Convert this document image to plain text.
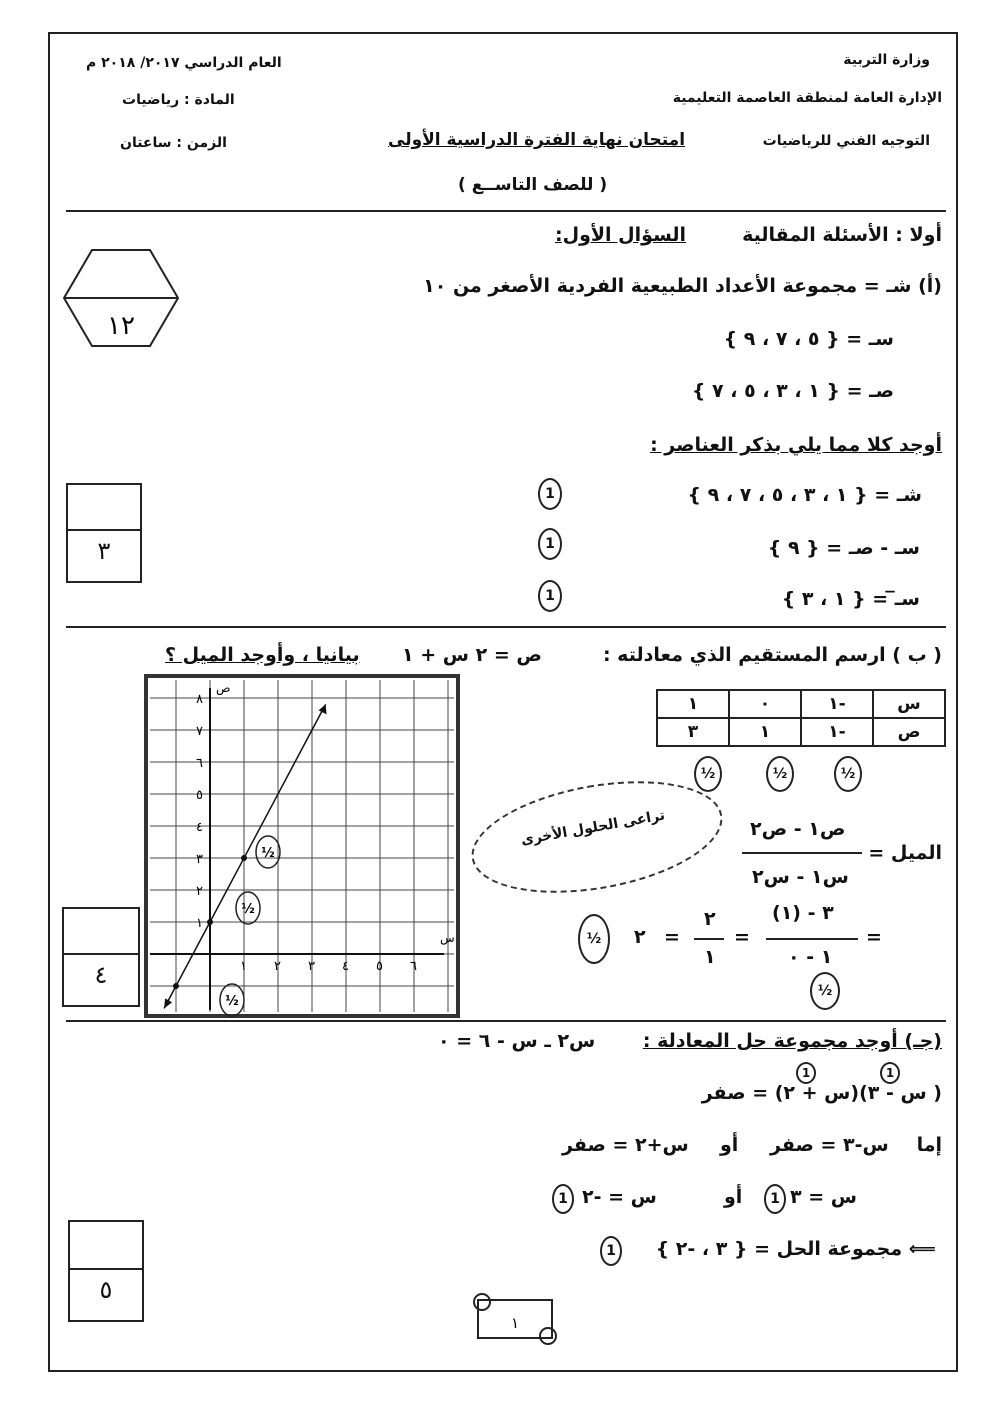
وزارة التربية
الإدارة العامة لمنطقة العاصمة التعليمية
التوجيه الفني للرياضيات
العام الدراسي ٢٠١٧/ ٢٠١٨ م
المادة : رياضيات
الزمن : ساعتان	امتحان نهاية الفترة الدراسية الأولى
( للصف التاســع )
أولا : الأسئلة المقالية
السؤال الأول:
١٢
(أ) شـ = مجموعة الأعداد الطبيعية الفردية الأصغر من ١٠
سـ = { ٥ ، ٧ ، ٩ }
صـ = { ١ ، ٣ ، ٥ ، ٧ }
أوجد كلا مما يلي بذكر العناصر :
شـ = { ١ ، ٣ ، ٥ ، ٧ ، ٩ }
سـ - صـ = { ٩ }
سـ̅ = { ١ ، ٣ }
1
1
1
٣
( ب ) ارسم المستقيم الذي معادلته :
ص = ٢ س + ١
بيانيا ، وأوجد الميل ؟
س
ص
١ ٢ ٣ ٤ ٥ ٦
١
٢
٣
٤
٥
٦
٧
٨
½
½
½
س	-١	٠	١
ص	-١	١	٣
½	½	½
تراعى الحلول الأخرى
الميل =
ص١ - ص٢
س١ - س٢
=
٣ - (١)
١ - ٠
=
٢
١
=
٢
½
½
٤
(جـ) أوجد مجموعة حل المعادلة :
س٢ ـ س - ٦ = ٠
( س - ٣)(س + ٢) = صفر
1
1
إما
س-٣ = صفر
أو
س+٢ = صفر
س = ٣
1
أو
س = -٢
1
⟸ مجموعة الحل = { ٣ ، -٢ }
1
٥
١
